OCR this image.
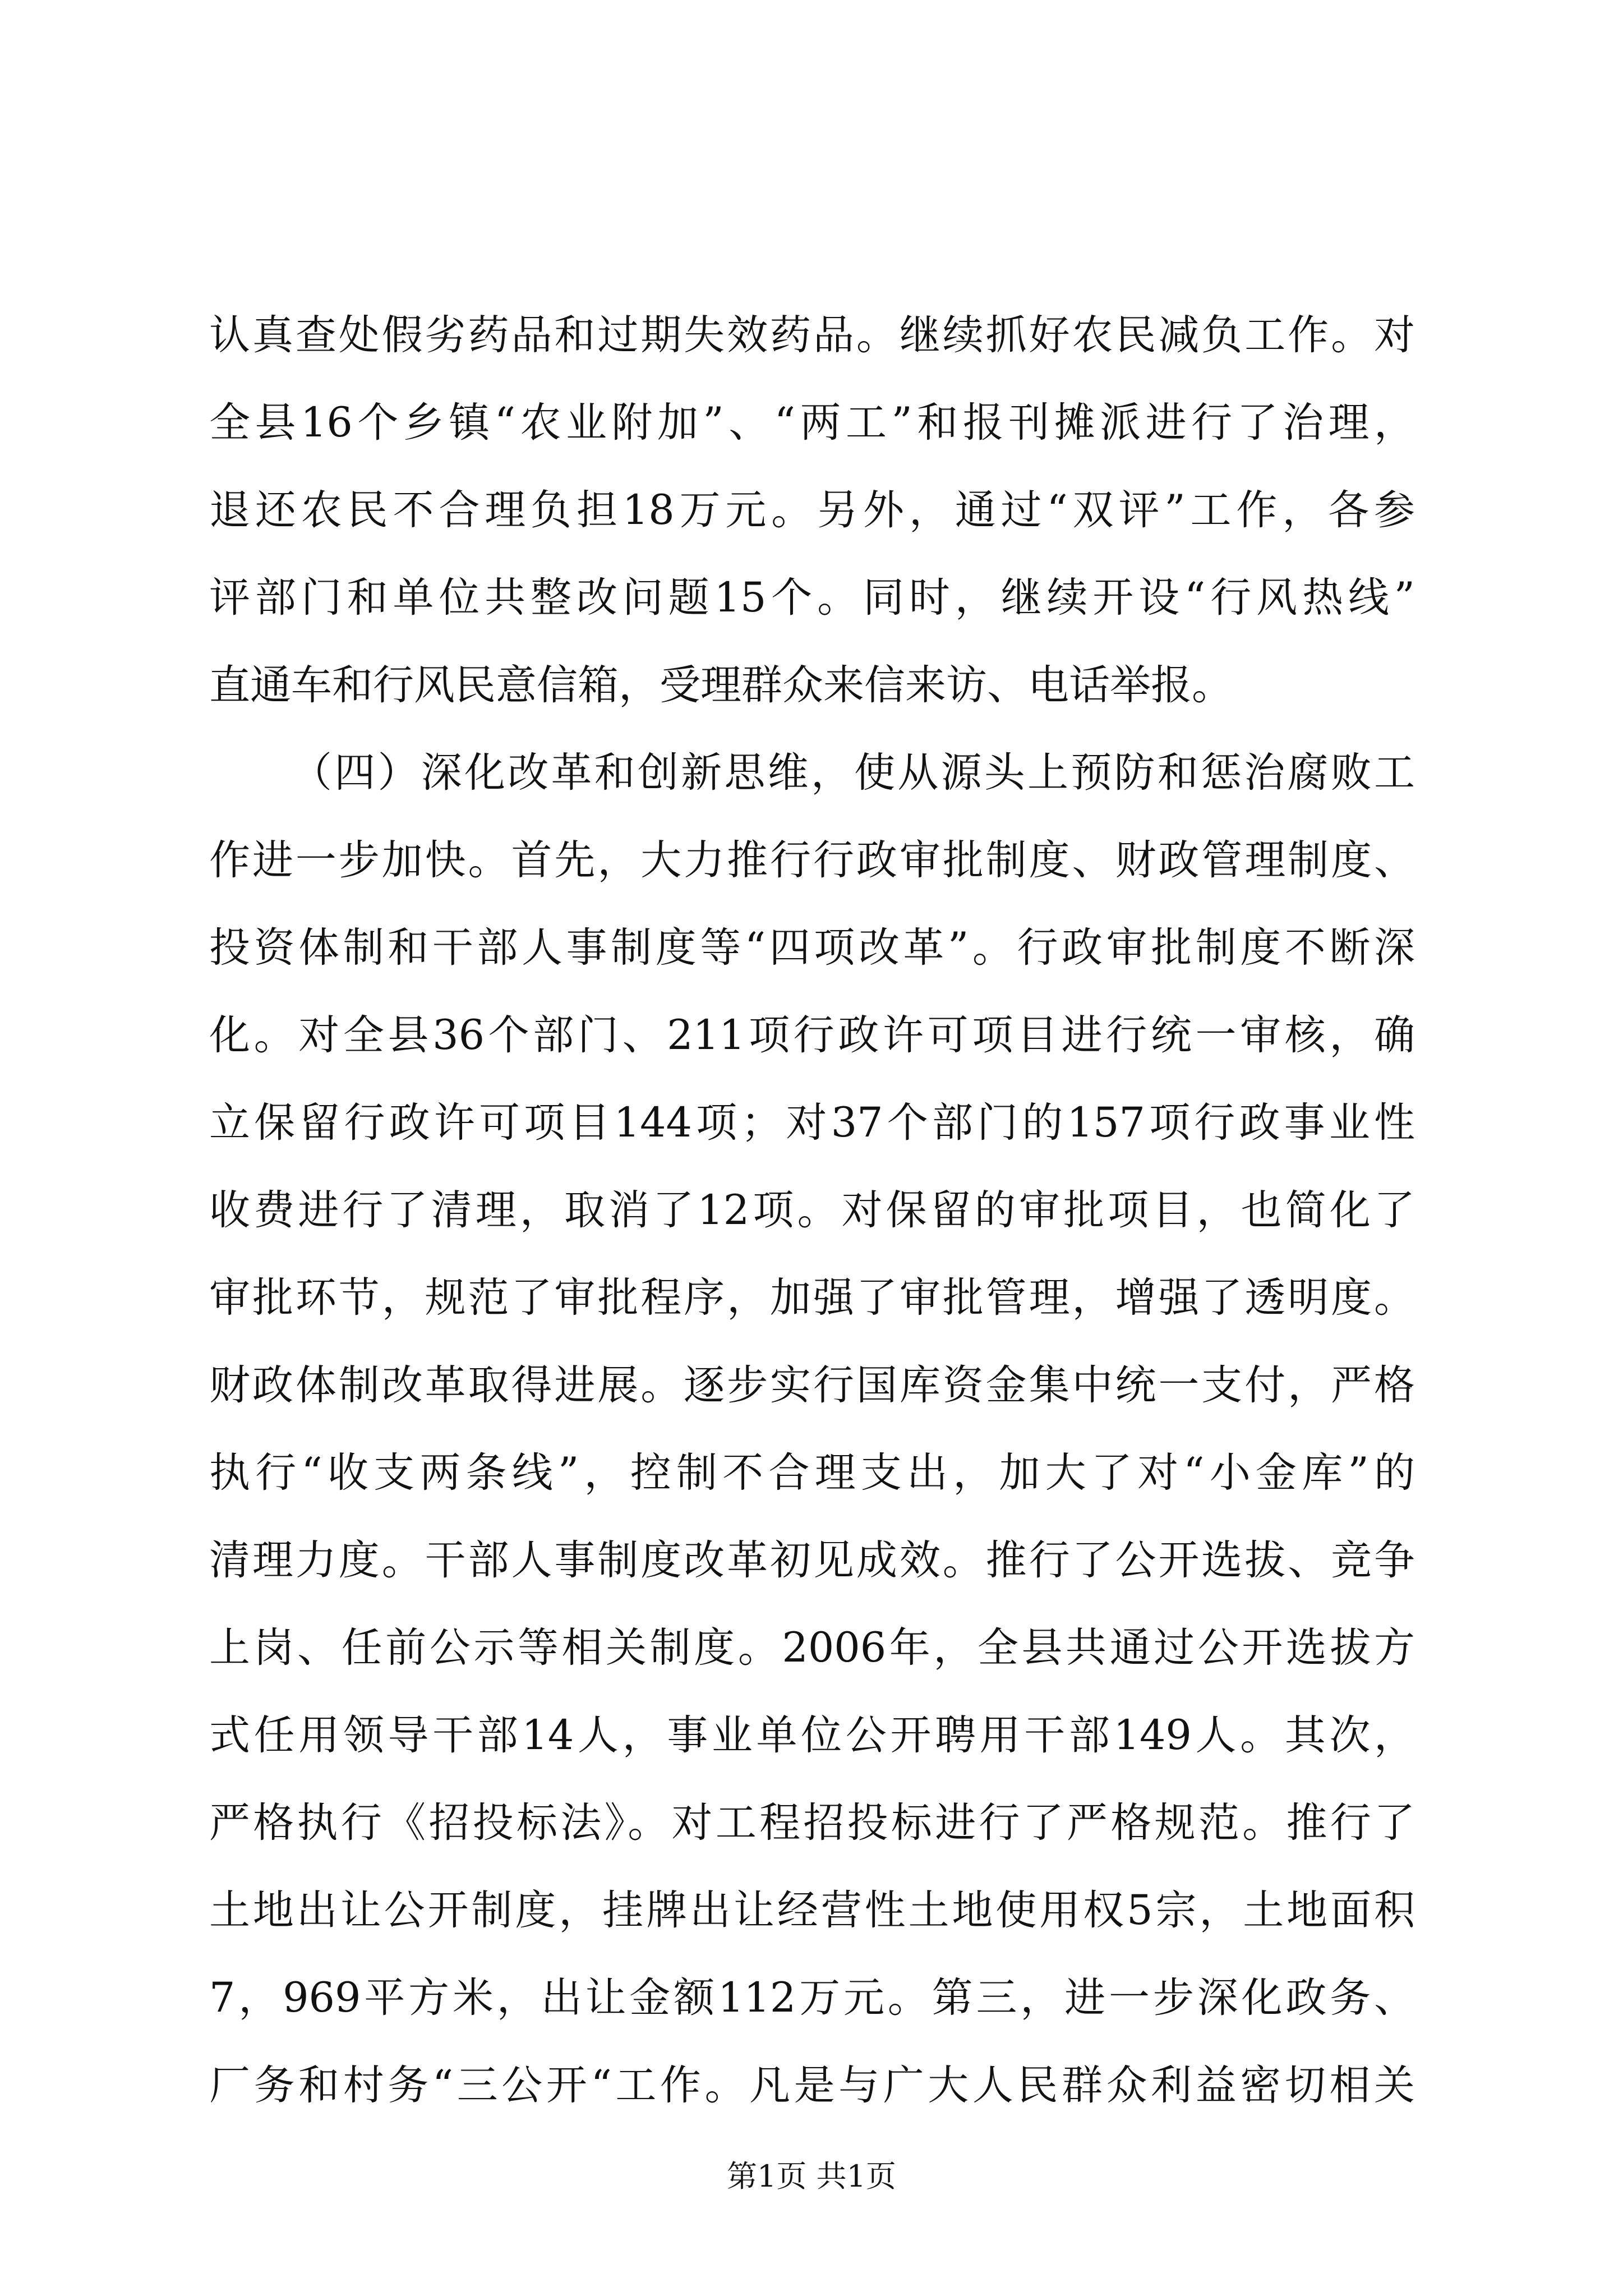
认真查处假劣药品和过期失效药品。继续抓好农民减负工作。对
全县16个乡镇“农业附加”、“两工”和报刊摊派进行了治理，
退还农民不合理负担18万元。另外，通过“双评”工作，各参
评部门和单位共整改问题15个。同时，继续开设“行风热线”
直通车和行风民意信箱，受理群众来信来访、电话举报。
（四）深化改革和创新思维，使从源头上预防和惩治腐败工
作进一步加快。首先，大力推行行政审批制度、财政管理制度、
投资体制和干部人事制度等“四项改革”。行政审批制度不断深
化。对全县36个部门、211项行政许可项目进行统一审核，确
立保留行政许可项目144项；对37个部门的157项行政事业性
收费进行了清理，取消了12项。对保留的审批项目，也简化了
审批环节，规范了审批程序，加强了审批管理，增强了透明度。
财政体制改革取得进展。逐步实行国库资金集中统一支付，严格
执行“收支两条线”，控制不合理支出，加大了对“小金库”的
清理力度。干部人事制度改革初见成效。推行了公开选拔、竞争
上岗、任前公示等相关制度。2006年，全县共通过公开选拔方
式任用领导干部14人，事业单位公开聘用干部149人。其次，
严格执行《招投标法》。对工程招投标进行了严格规范。推行了
土地出让公开制度，挂牌出让经营性土地使用权5宗，土地面积
7，969平方米，出让金额112万元。第三，进一步深化政务、
厂务和村务“三公开“工作。凡是与广大人民群众利益密切相关
第1页 共1页
